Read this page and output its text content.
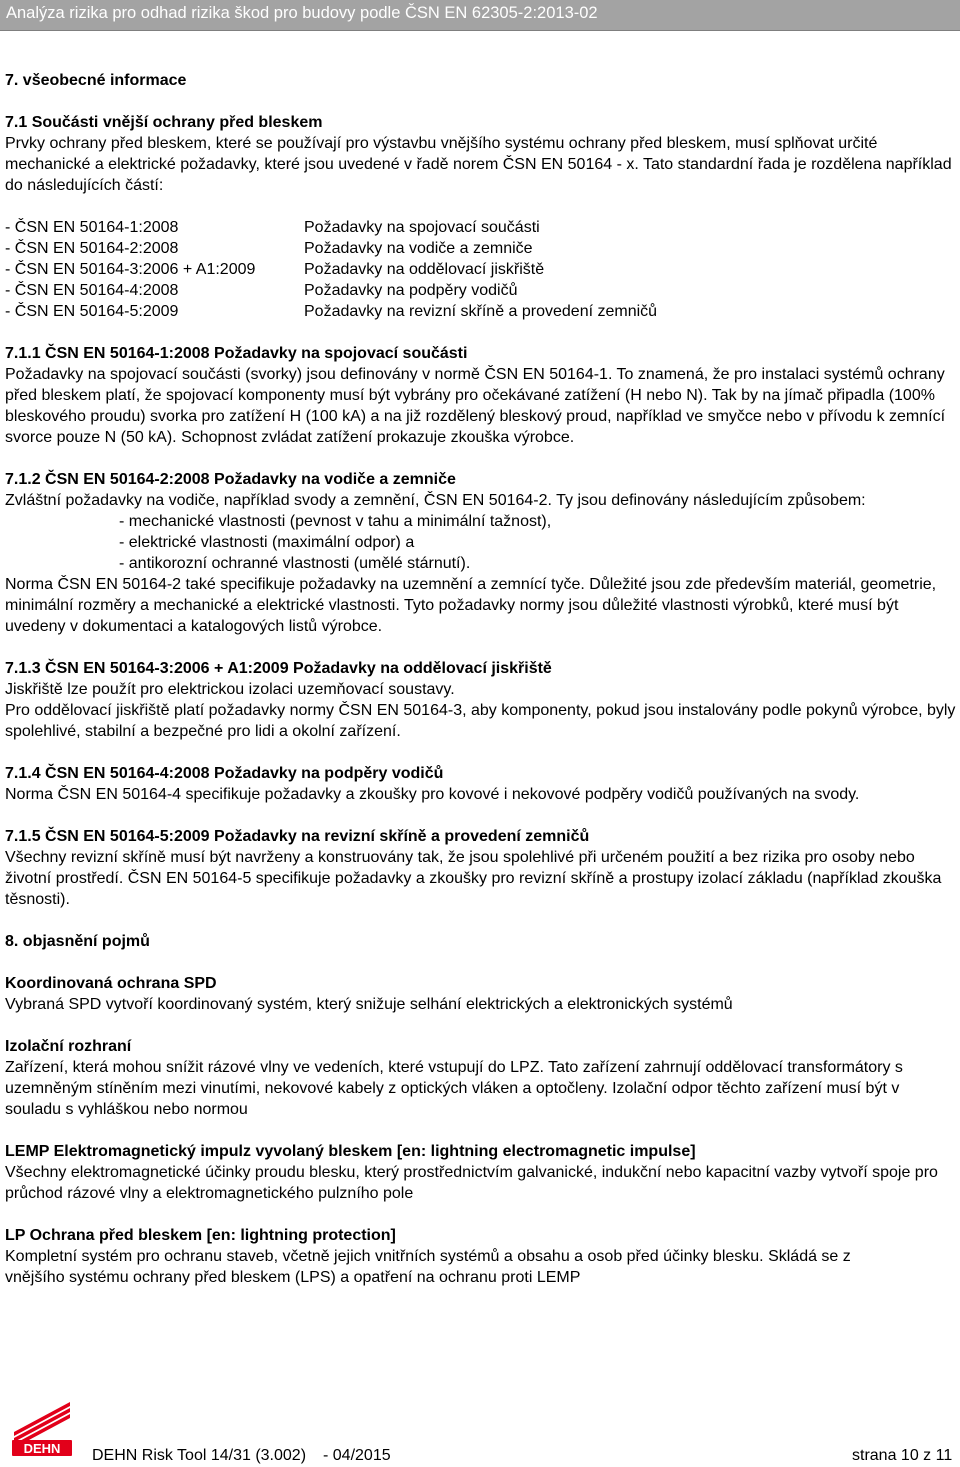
Analýza rizika pro odhad rizika škod pro budovy podle ČSN EN 62305-2:2013-02

7. všeobecné informace

7.1 Součásti vnější ochrany před bleskem

Prvky ochrany před bleskem, které se používají pro výstavbu vnějšího systému ochrany před bleskem, musí splňovat určité mechanické a elektrické požadavky, které jsou uvedené v řadě norem ČSN EN 50164 - x. Tato standardní řada je rozdělena například do následujících částí:

- ČSN EN 50164-1:2008	Požadavky na spojovací součásti
- ČSN EN 50164-2:2008	Požadavky na vodiče a zemniče
- ČSN EN 50164-3:2006 + A1:2009	Požadavky na oddělovací jiskřiště
- ČSN EN 50164-4:2008	Požadavky na podpěry vodičů
- ČSN EN 50164-5:2009	Požadavky na revizní skříně a provedení zemničů

7.1.1 ČSN EN 50164-1:2008 Požadavky na spojovací součásti

Požadavky na spojovací součásti (svorky) jsou definovány v normě ČSN EN 50164-1. To znamená, že pro instalaci systémů ochrany před bleskem platí, že spojovací komponenty musí být vybrány pro očekávané zatížení (H nebo N). Tak by na jímač připadla (100% bleskového proudu) svorka pro zatížení H (100 kA) a na již rozdělený bleskový proud, například ve smyčce nebo v přívodu k zemnící svorce pouze N (50 kA). Schopnost zvládat zatížení prokazuje zkouška výrobce.

7.1.2 ČSN EN 50164-2:2008 Požadavky na vodiče a zemniče

Zvláštní požadavky na vodiče, například svody a zemnění, ČSN EN 50164-2. Ty jsou definovány následujícím způsobem:

- mechanické vlastnosti (pevnost v tahu a minimální tažnost),

- elektrické vlastnosti (maximální odpor) a

- antikorozní ochranné vlastnosti (umělé stárnutí).

Norma ČSN EN 50164-2 také specifikuje požadavky na uzemnění a zemnící tyče. Důležité jsou zde především materiál, geometrie, minimální rozměry a mechanické a elektrické vlastnosti. Tyto požadavky normy jsou důležité vlastnosti výrobků, které musí být uvedeny v dokumentaci a katalogových listů výrobce.

7.1.3 ČSN EN 50164-3:2006 + A1:2009 Požadavky na oddělovací jiskřiště

Jiskřiště lze použít pro elektrickou izolaci uzemňovací soustavy.

Pro oddělovací jiskřiště platí požadavky normy ČSN EN 50164-3, aby komponenty, pokud jsou instalovány podle pokynů výrobce, byly spolehlivé, stabilní a bezpečné pro lidi a okolní zařízení.

7.1.4 ČSN EN 50164-4:2008 Požadavky na podpěry vodičů

Norma ČSN EN 50164-4 specifikuje požadavky a zkoušky pro kovové i nekovové podpěry vodičů používaných na svody.

7.1.5 ČSN EN 50164-5:2009 Požadavky na revizní skříně a provedení zemničů

Všechny revizní skříně musí být navrženy a konstruovány tak, že jsou spolehlivé při určeném použití a bez rizika pro osoby nebo životní prostředí. ČSN EN 50164-5 specifikuje požadavky a zkoušky pro revizní skříně a prostupy izolací základu (například zkouška těsnosti).

8. objasnění pojmů

Koordinovaná ochrana SPD

Vybraná SPD vytvoří koordinovaný systém, který snižuje selhání elektrických a elektronických systémů

Izolační rozhraní

Zařízení, která mohou snížit rázové vlny ve vedeních, které vstupují do LPZ. Tato zařízení zahrnují oddělovací transformátory s uzemněným stíněním mezi vinutími, nekovové kabely z optických vláken a optočleny. Izolační odpor těchto zařízení musí být v souladu s vyhláškou nebo normou

LEMP Elektromagnetický impulz vyvolaný bleskem [en: lightning electromagnetic impulse]

Všechny elektromagnetické účinky proudu blesku, který prostřednictvím galvanické, indukční nebo kapacitní vazby vytvoří spoje pro průchod rázové vlny a elektromagnetického pulzního pole

LP Ochrana před bleskem [en: lightning protection]

Kompletní systém pro ochranu staveb, včetně jejich vnitřních systémů a obsahu a osob před účinky blesku. Skládá se z

vnějšího systému ochrany před bleskem (LPS) a opatření na ochranu proti LEMP

DEHN DEHN Risk Tool 14/31 (3.002) - 04/2015	strana 10 z 11
